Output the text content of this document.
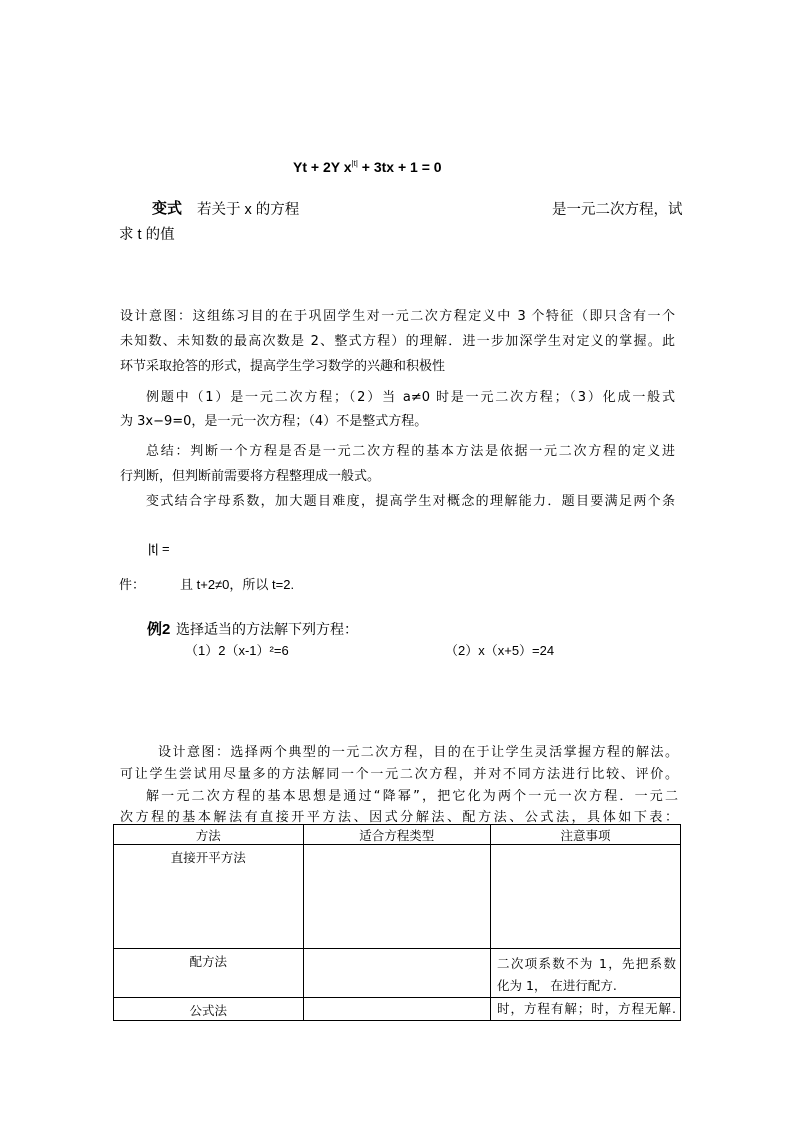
Yt + 2Y $x^{|t|} + 3tx + 1 = 0$
变式 若关于 x 的方程	是一元二次方程，试
求 t 的值
设计意图：这组练习目的在于巩固学生对一元二次方程定义中 3 个特征（即只含有一个
未知数、未知数的最高次数是 2、整式方程）的理解．进一步加深学生对定义的掌握。此
环节采取抢答的形式，提高学生学习数学的兴趣和积极性
例题中（1）是一元二次方程；（2）当 a≠0 时是一元二次方程；（3）化成一般式
为 3x−9=0，是一元一次方程；（4）不是整式方程。
总结：判断一个方程是否是一元二次方程的基本方法是依据一元二次方程的定义进
行判断，但判断前需要将方程整理成一般式。
变式结合字母系数，加大题目难度，提高学生对概念的理解能力．题目要满足两个条
|t| =
件：	且 t+2≠0，所以 t=2.
例2 选择适当的方法解下列方程：
（1）2（x-1）²=6	（2）x（x+5）=24
设计意图：选择两个典型的一元二次方程，目的在于让学生灵活掌握方程的解法。
可让学生尝试用尽量多的方法解同一个一元二次方程，并对不同方法进行比较、评价。
解一元二次方程的基本思想是通过“降幂”，把它化为两个一元一次方程．一元二
次方程的基本解法有直接开平方法、因式分解法、配方法、公式法，具体如下表：
方法	适合方程类型	注意事项
直接开平方法		
配方法		二次项系数不为 1，先把系数
化为 1， 在进行配方.

公式法		时，方程有解；时，方程无解.
